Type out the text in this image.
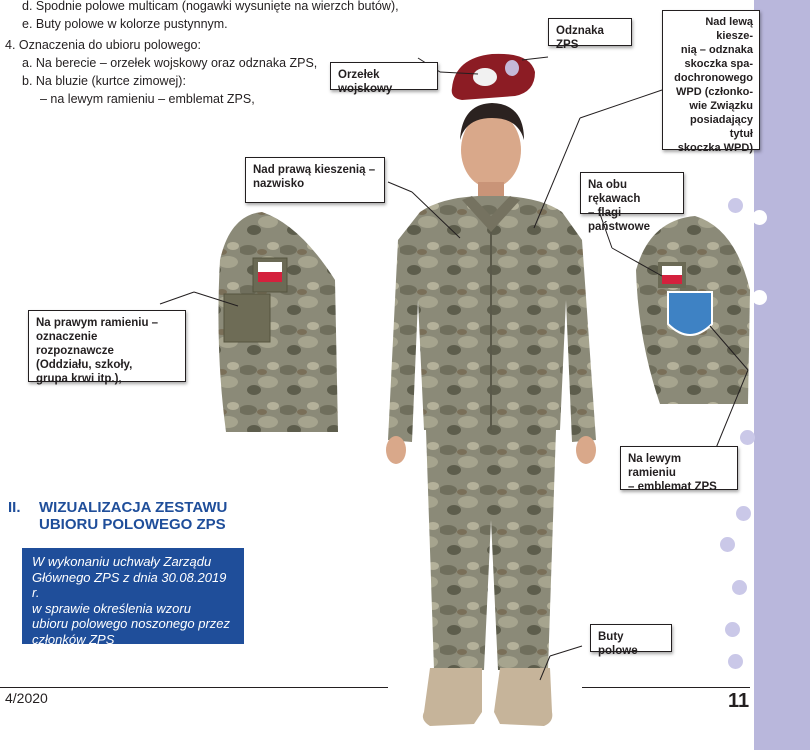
d. Spodnie polowe multicam (nogawki wysunięte na wierzch butów),
e. Buty polowe w kolorze pustynnym.
4. Oznaczenia do ubioru polowego:
a. Na berecie – orzełek wojskowy oraz odznaka ZPS,
b. Na bluzie (kurtce zimowej):
– na lewym ramieniu – emblemat ZPS,
Orzełek wojskowy
Odznaka ZPS
Nad lewą kiesze-
nią – odznaka
skoczka spa-
dochronowego
WPD (członko-
wie Związku
posiadający tytuł
skoczka WPD)
Nad prawą kieszenią –
nazwisko	Na obu rękawach
– flagi państwowe
Na prawym ramieniu –
oznaczenie rozpoznawcze
(Oddziału, szkoły,
grupa krwi itp.),
Na lewym ramieniu
– emblemat ZPS
Buty polowe
II. WIZUALIZACJA ZESTAWU
UBIORU POLOWEGO ZPS
W wykonaniu uchwały Zarządu
Głównego ZPS z dnia 30.08.2019 r.
w sprawie określenia wzoru
ubioru polowego noszonego przez
członków ZPS
4/2020	11
